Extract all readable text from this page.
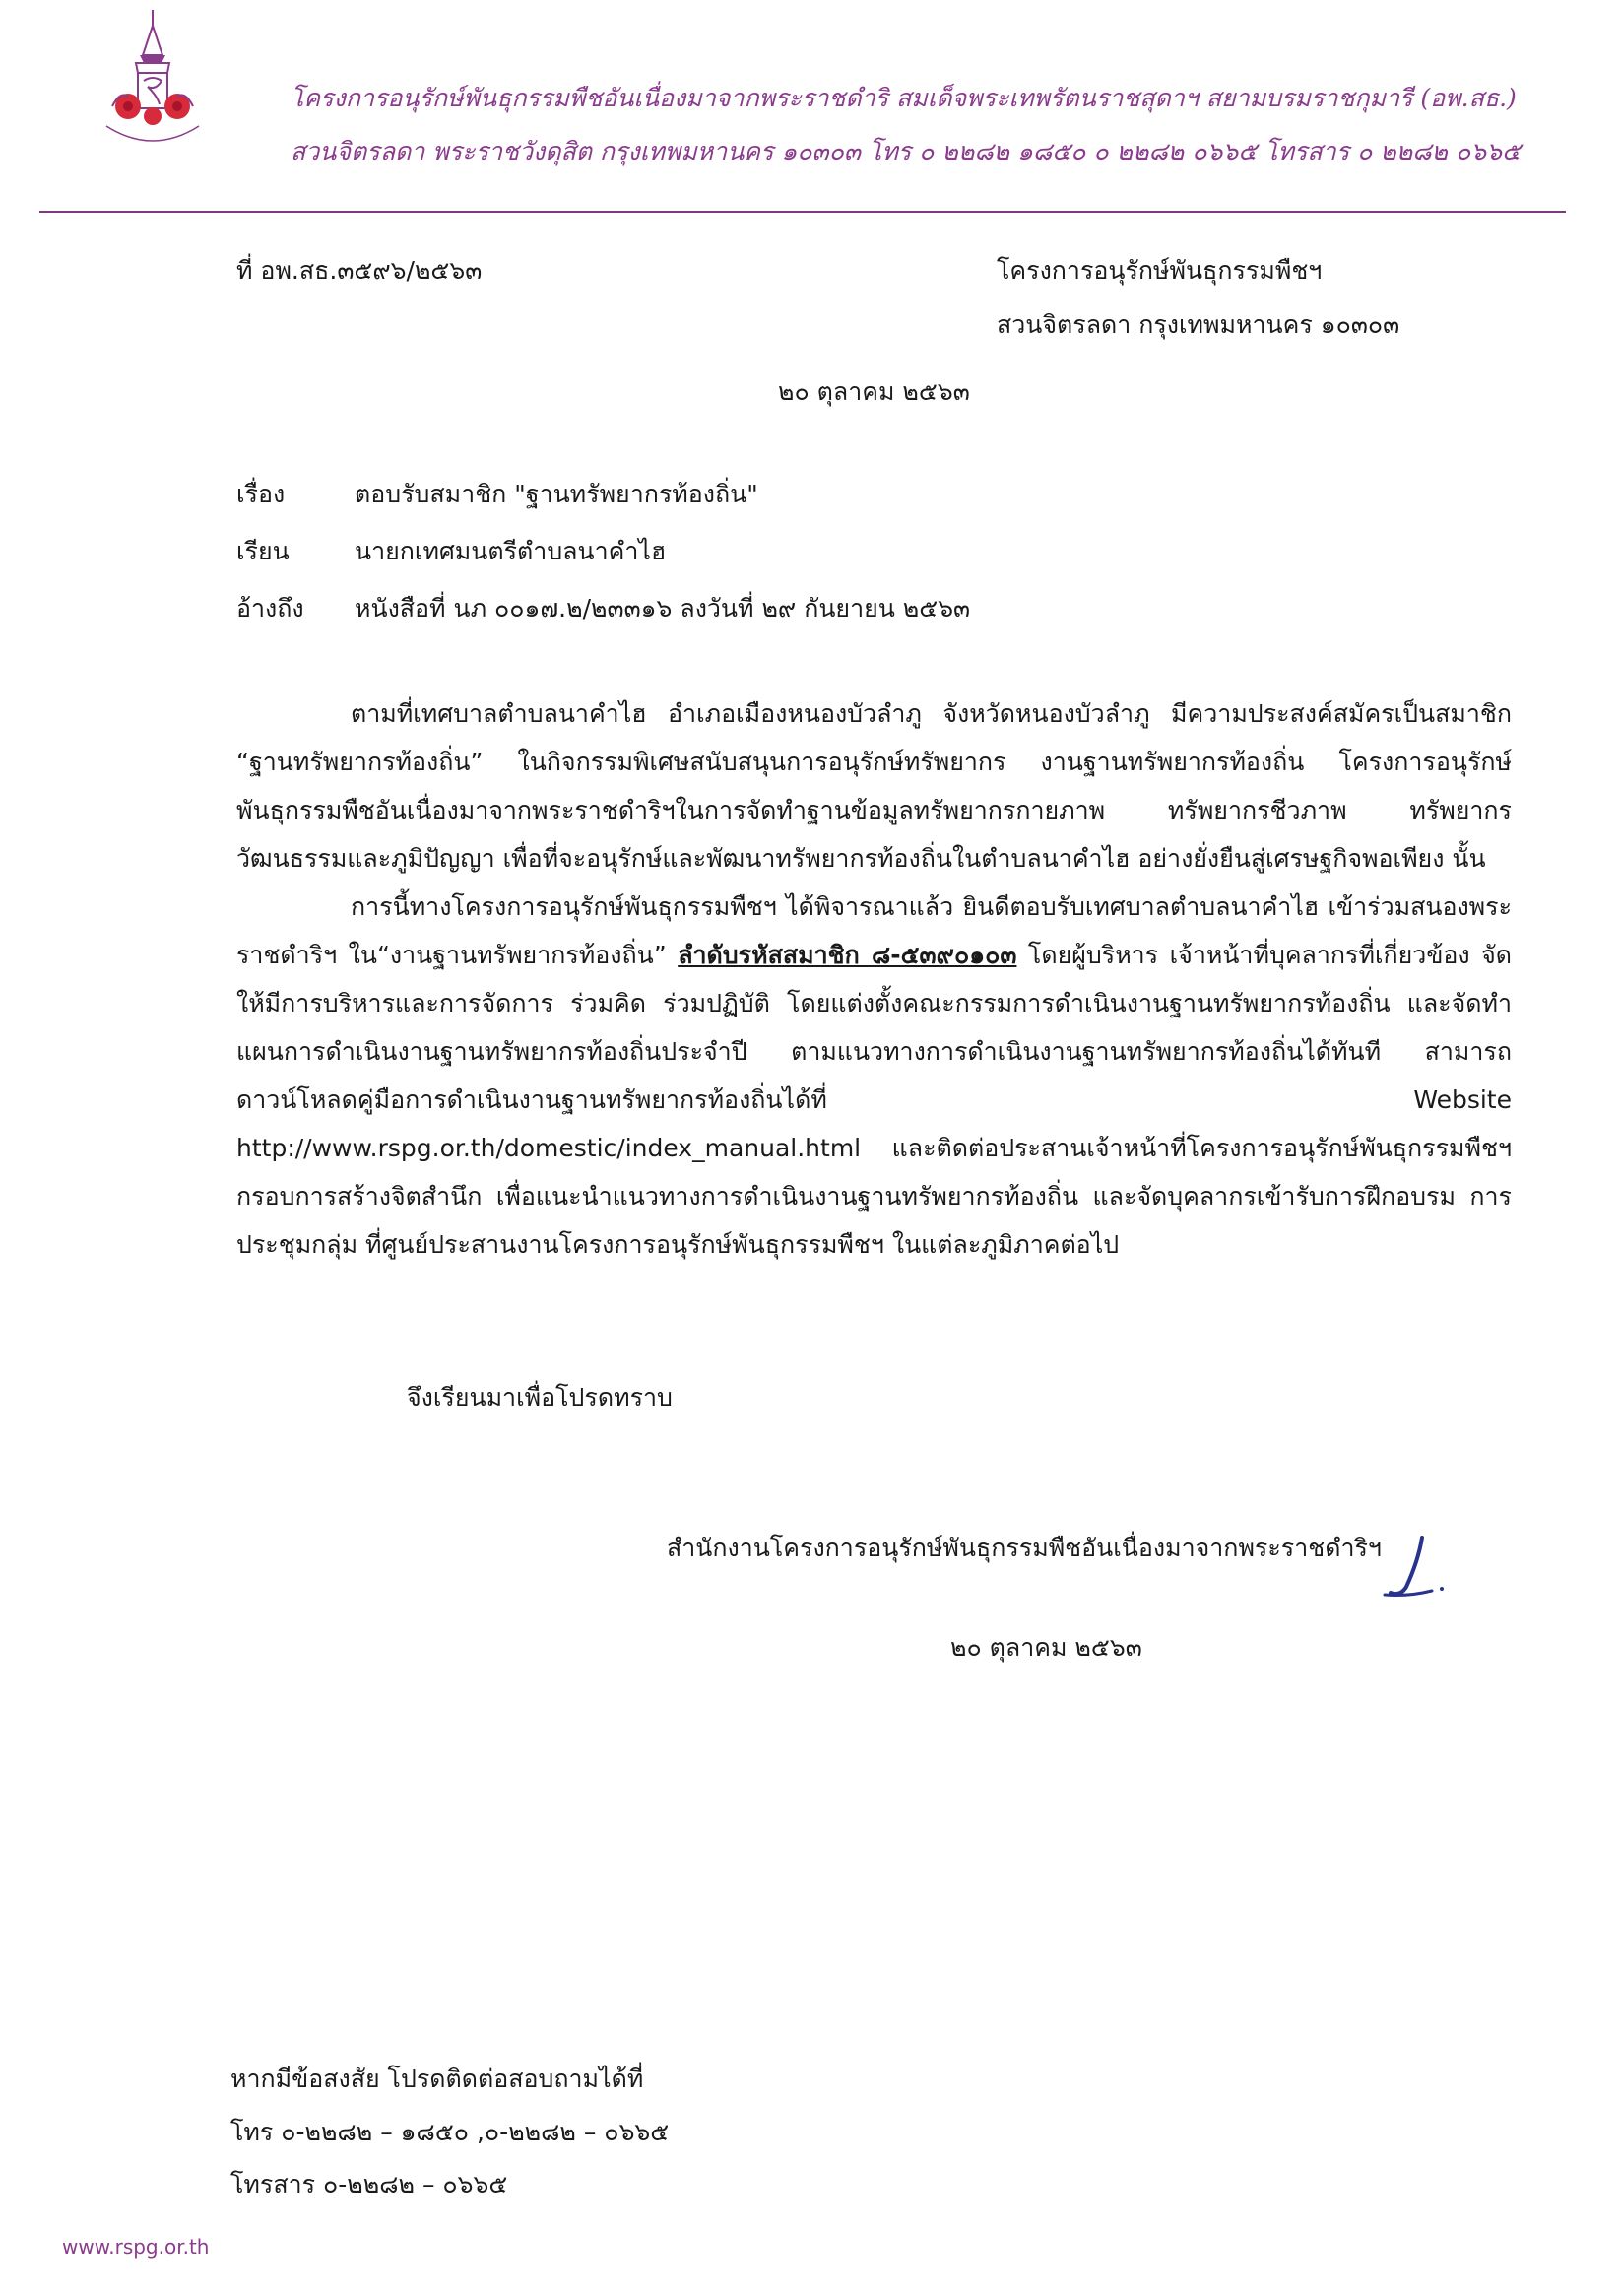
โครงการอนุรักษ์พันธุกรรมพืชอันเนื่องมาจากพระราชดำริ สมเด็จพระเทพรัตนราชสุดาฯ สยามบรมราชกุมารี (อพ.สธ.)
สวนจิตรลดา พระราชวังดุสิต กรุงเทพมหานคร ๑๐๓๐๓ โทร ๐ ๒๒๘๒ ๑๘๕๐ ๐ ๒๒๘๒ ๐๖๖๕ โทรสาร ๐ ๒๒๘๒ ๐๖๖๕
ที่ อพ.สธ.๓๕๙๖/๒๕๖๓	โครงการอนุรักษ์พันธุกรรมพืชฯ
สวนจิตรลดา กรุงเทพมหานคร ๑๐๓๐๓
๒๐ ตุลาคม ๒๕๖๓
เรื่อง	ตอบรับสมาชิก "ฐานทรัพยากรท้องถิ่น"
เรียน	นายกเทศมนตรีตำบลนาคำไฮ
อ้างถึง หนังสือที่ นภ ๐๐๑๗.๒/๒๓๓๑๖ ลงวันที่ ๒๙ กันยายน ๒๕๖๓

ตามที่เทศบาลตำบลนาคำไฮ อำเภอเมืองหนองบัวลำภู จังหวัดหนองบัวลำภู มีความประสงค์สมัครเป็นสมาชิก “ฐานทรัพยากรท้องถิ่น” ในกิจกรรมพิเศษสนับสนุนการอนุรักษ์ทรัพยากร งานฐานทรัพยากรท้องถิ่น โครงการอนุรักษ์พันธุกรรมพืชอันเนื่องมาจากพระราชดำริฯในการจัดทำฐานข้อมูลทรัพยากรกายภาพ ทรัพยากรชีวภาพ ทรัพยากรวัฒนธรรมและภูมิปัญญา เพื่อที่จะอนุรักษ์และพัฒนาทรัพยากรท้องถิ่นในตำบลนาคำไฮ อย่างยั่งยืนสู่เศรษฐกิจพอเพียง นั้น

การนี้ทางโครงการอนุรักษ์พันธุกรรมพืชฯ ได้พิจารณาแล้ว ยินดีตอบรับเทศบาลตำบลนาคำไฮ เข้าร่วมสนองพระราชดำริฯ ใน“งานฐานทรัพยากรท้องถิ่น” ลำดับรหัสสมาชิก ๘-๕๓๙๐๑๐๓ โดยผู้บริหาร เจ้าหน้าที่บุคลากรที่เกี่ยวข้อง จัดให้มีการบริหารและการจัดการ ร่วมคิด ร่วมปฏิบัติ โดยแต่งตั้งคณะกรรมการดำเนินงานฐานทรัพยากรท้องถิ่น และจัดทำแผนการดำเนินงานฐานทรัพยากรท้องถิ่นประจำปี ตามแนวทางการดำเนินงานฐานทรัพยากรท้องถิ่นได้ทันที สามารถดาวน์โหลดคู่มือการดำเนินงานฐานทรัพยากรท้องถิ่นได้ที่ Website http://www.rspg.or.th/domestic/index_manual.html และติดต่อประสานเจ้าหน้าที่โครงการอนุรักษ์พันธุกรรมพืชฯ กรอบการสร้างจิตสำนึก เพื่อแนะนำแนวทางการดำเนินงานฐานทรัพยากรท้องถิ่น และจัดบุคลากรเข้ารับการฝึกอบรม การประชุมกลุ่ม ที่ศูนย์ประสานงานโครงการอนุรักษ์พันธุกรรมพืชฯ ในแต่ละภูมิภาคต่อไป

จึงเรียนมาเพื่อโปรดทราบ
สำนักงานโครงการอนุรักษ์พันธุกรรมพืชอันเนื่องมาจากพระราชดำริฯ
๒๐ ตุลาคม ๒๕๖๓
หากมีข้อสงสัย โปรดติดต่อสอบถามได้ที่
โทร ๐-๒๒๘๒ – ๑๘๕๐ ,๐-๒๒๘๒ – ๐๖๖๕
โทรสาร ๐-๒๒๘๒ – ๐๖๖๕
www.rspg.or.th
